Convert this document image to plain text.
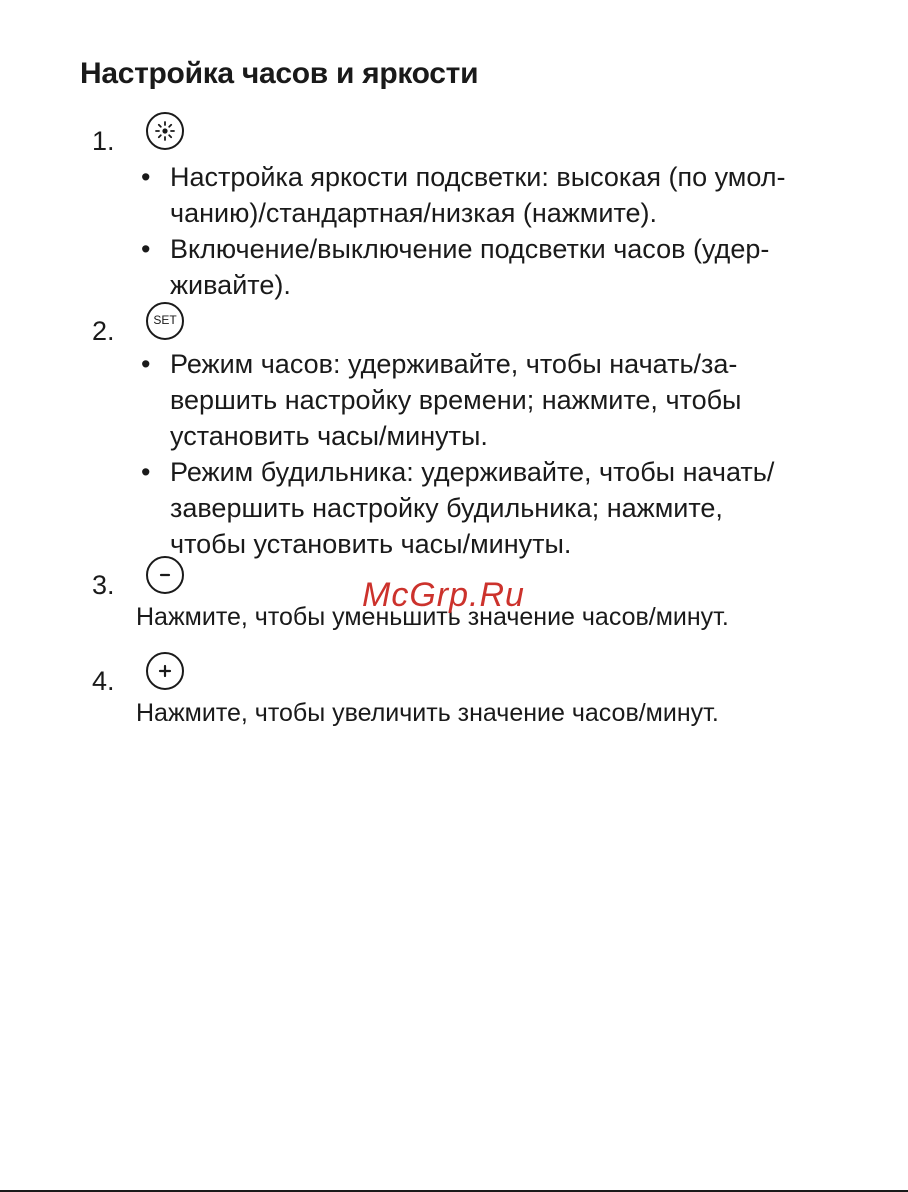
Настройка часов и яркости
1.
• Настройка яркости подсветки: высокая (по умол-
чанию)/стандартная/низкая (нажмите).
• Включение/выключение подсветки часов (удер-
живайте).
2.	SET
• Режим часов: удерживайте, чтобы начать/за-
вершить настройку времени; нажмите, чтобы
установить часы/минуты.
• Режим будильника: удерживайте, чтобы начать/
завершить настройку будильника; нажмите,
чтобы установить часы/минуты.
3.
Нажмите, чтобы уменьшить значение часов/минут.
4.
Нажмите, чтобы увеличить значение часов/минут.
McGrp.Ru
